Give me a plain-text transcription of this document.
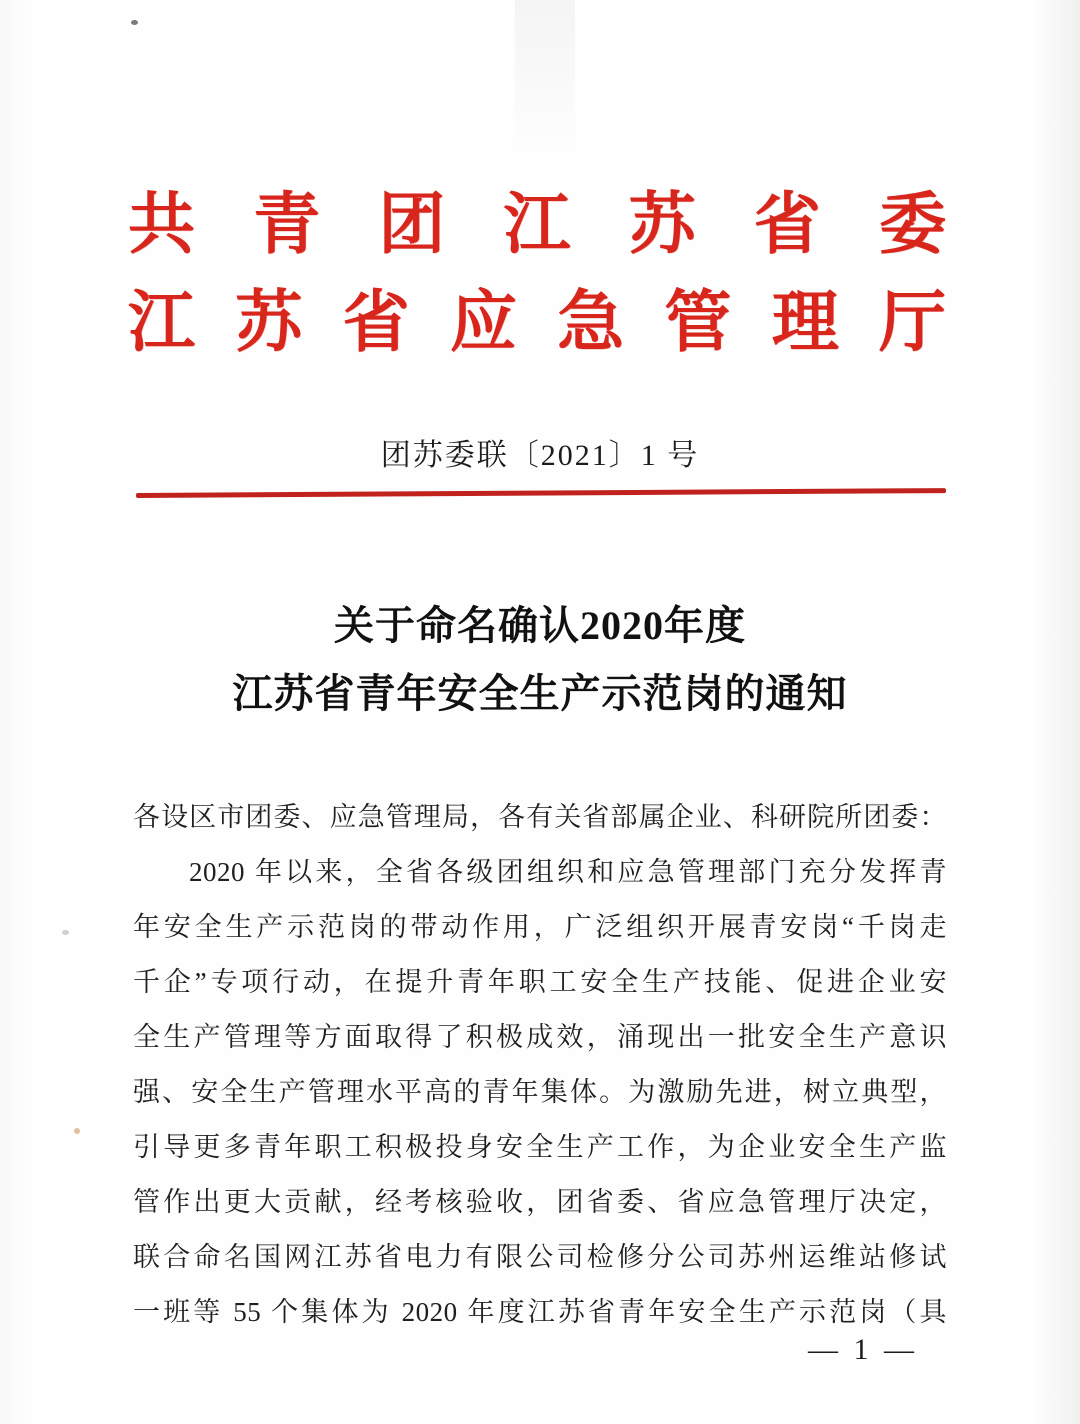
共 青 团 江 苏 省 委
江 苏 省 应 急 管 理 厅
团苏委联〔2021〕1 号
关于命名确认2020年度
江苏省青年安全生产示范岗的通知
各设区市团委、应急管理局，各有关省部属企业、科研院所团委：
2020 年以来，全省各级团组织和应急管理部门充分发挥青
年安全生产示范岗的带动作用，广泛组织开展青安岗“千岗走
千企”专项行动，在提升青年职工安全生产技能、促进企业安
全生产管理等方面取得了积极成效，涌现出一批安全生产意识
强、安全生产管理水平高的青年集体。为激励先进，树立典型，
引导更多青年职工积极投身安全生产工作，为企业安全生产监
管作出更大贡献，经考核验收，团省委、省应急管理厅决定，
联合命名国网江苏省电力有限公司检修分公司苏州运维站修试
一班等 55 个集体为 2020 年度江苏省青年安全生产示范岗（具
— 1 —
